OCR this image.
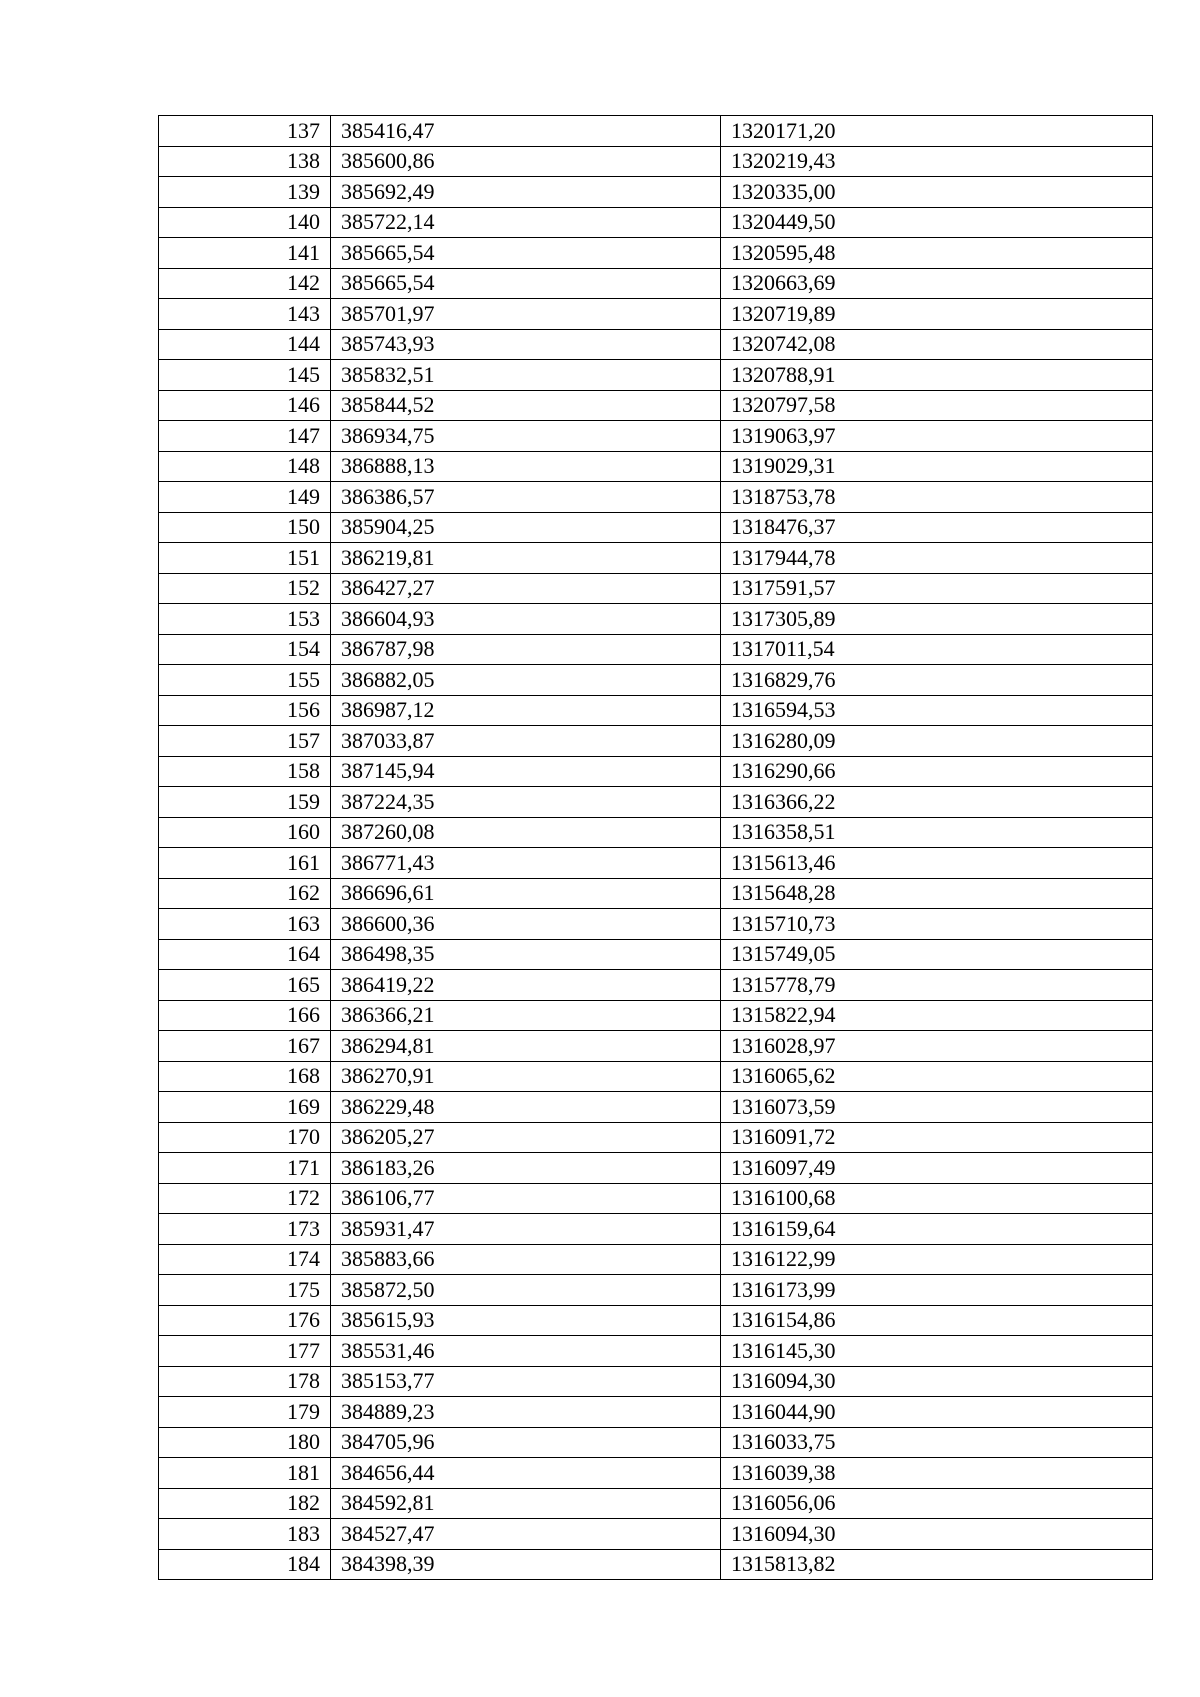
137	385416,47	1320171,20
138	385600,86	1320219,43
139	385692,49	1320335,00
140	385722,14	1320449,50
141	385665,54	1320595,48
142	385665,54	1320663,69
143	385701,97	1320719,89
144	385743,93	1320742,08
145	385832,51	1320788,91
146	385844,52	1320797,58
147	386934,75	1319063,97
148	386888,13	1319029,31
149	386386,57	1318753,78
150	385904,25	1318476,37
151	386219,81	1317944,78
152	386427,27	1317591,57
153	386604,93	1317305,89
154	386787,98	1317011,54
155	386882,05	1316829,76
156	386987,12	1316594,53
157	387033,87	1316280,09
158	387145,94	1316290,66
159	387224,35	1316366,22
160	387260,08	1316358,51
161	386771,43	1315613,46
162	386696,61	1315648,28
163	386600,36	1315710,73
164	386498,35	1315749,05
165	386419,22	1315778,79
166	386366,21	1315822,94
167	386294,81	1316028,97
168	386270,91	1316065,62
169	386229,48	1316073,59
170	386205,27	1316091,72
171	386183,26	1316097,49
172	386106,77	1316100,68
173	385931,47	1316159,64
174	385883,66	1316122,99
175	385872,50	1316173,99
176	385615,93	1316154,86
177	385531,46	1316145,30
178	385153,77	1316094,30
179	384889,23	1316044,90
180	384705,96	1316033,75
181	384656,44	1316039,38
182	384592,81	1316056,06
183	384527,47	1316094,30
184	384398,39	1315813,82
